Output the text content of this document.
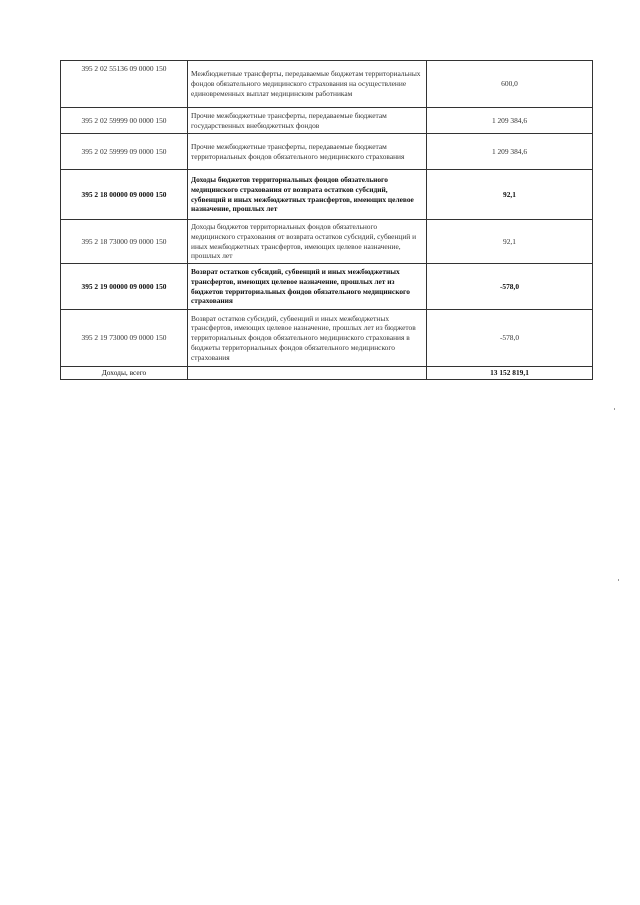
395 2 02 55136 09 0000 150	Межбюджетные трансферты, передаваемые бюджетам территориальных фондов обязательного медицинского страхования на осуществление единовременных выплат медицинским работникам	600,0
395 2 02 59999 00 0000 150	Прочие межбюджетные трансферты, передаваемые бюджетам государственных внебюджетных фондов	1 209 384,6
395 2 02 59999 09 0000 150	Прочие межбюджетные трансферты, передаваемые бюджетам территориальных фондов обязательного медицинского страхования	1 209 384,6
395 2 18 00000 09 0000 150	Доходы бюджетов территориальных фондов обязательного медицинского страхования от возврата остатков субсидий, субвенций и иных межбюджетных трансфертов, имеющих целевое назначение, прошлых лет	92,1
395 2 18 73000 09 0000 150	Доходы бюджетов территориальных фондов обязательного медицинского страхования от возврата остатков субсидий, субвенций и иных межбюджетных трансфертов, имеющих целевое назначение, прошлых лет	92,1
395 2 19 00000 09 0000 150	Возврат остатков субсидий, субвенций и иных межбюджетных трансфертов, имеющих целевое назначение, прошлых лет из бюджетов территориальных фондов обязательного медицинского страхования	-578,0
395 2 19 73000 09 0000 150	Возврат остатков субсидий, субвенций и иных межбюджетных трансфертов, имеющих целевое назначение, прошлых лет из бюджетов территориальных фондов обязательного медицинского страхования в бюджеты территориальных фондов обязательного медицинского страхования	-578,0
Доходы, всего		13 152 819,1
